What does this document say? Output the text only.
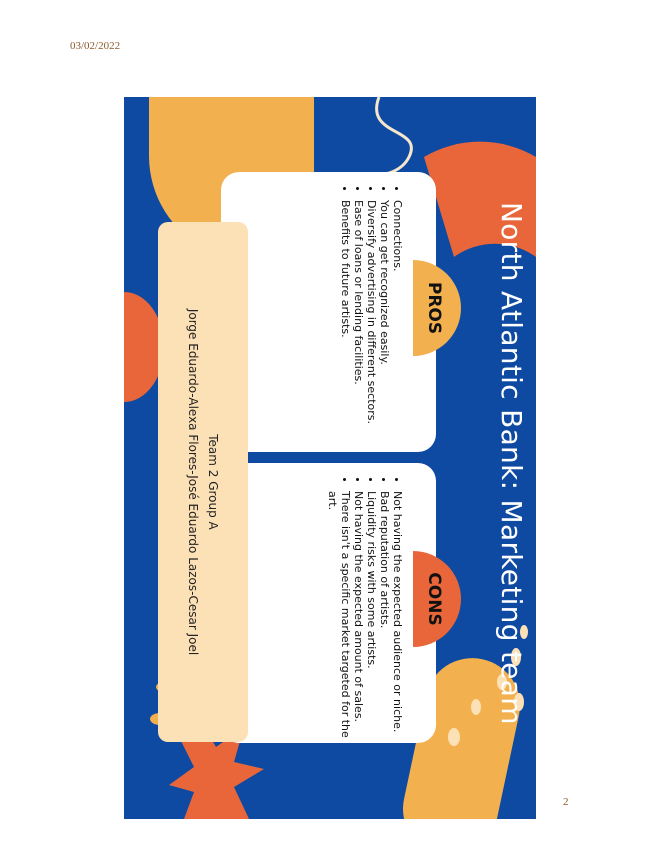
03/02/2022
North Atlantic Bank: Marketing team
PROS
• Connections.
• You can get recognized easily.
• Diversify advertising in different sectors.
• Ease of loans or lending facilities.
• Benefits to future artists.
CONS
• Not having the expected audience or niche.
• Bad reputation of artists.
• Liquidity risks with some artists.
• Not having the expected amount of sales.
• There isn't a specific market targeted for the art.
Team 2 Group A
Jorge Eduardo-Alexa Flores-José Eduardo Lazos-Cesar Joel
2
